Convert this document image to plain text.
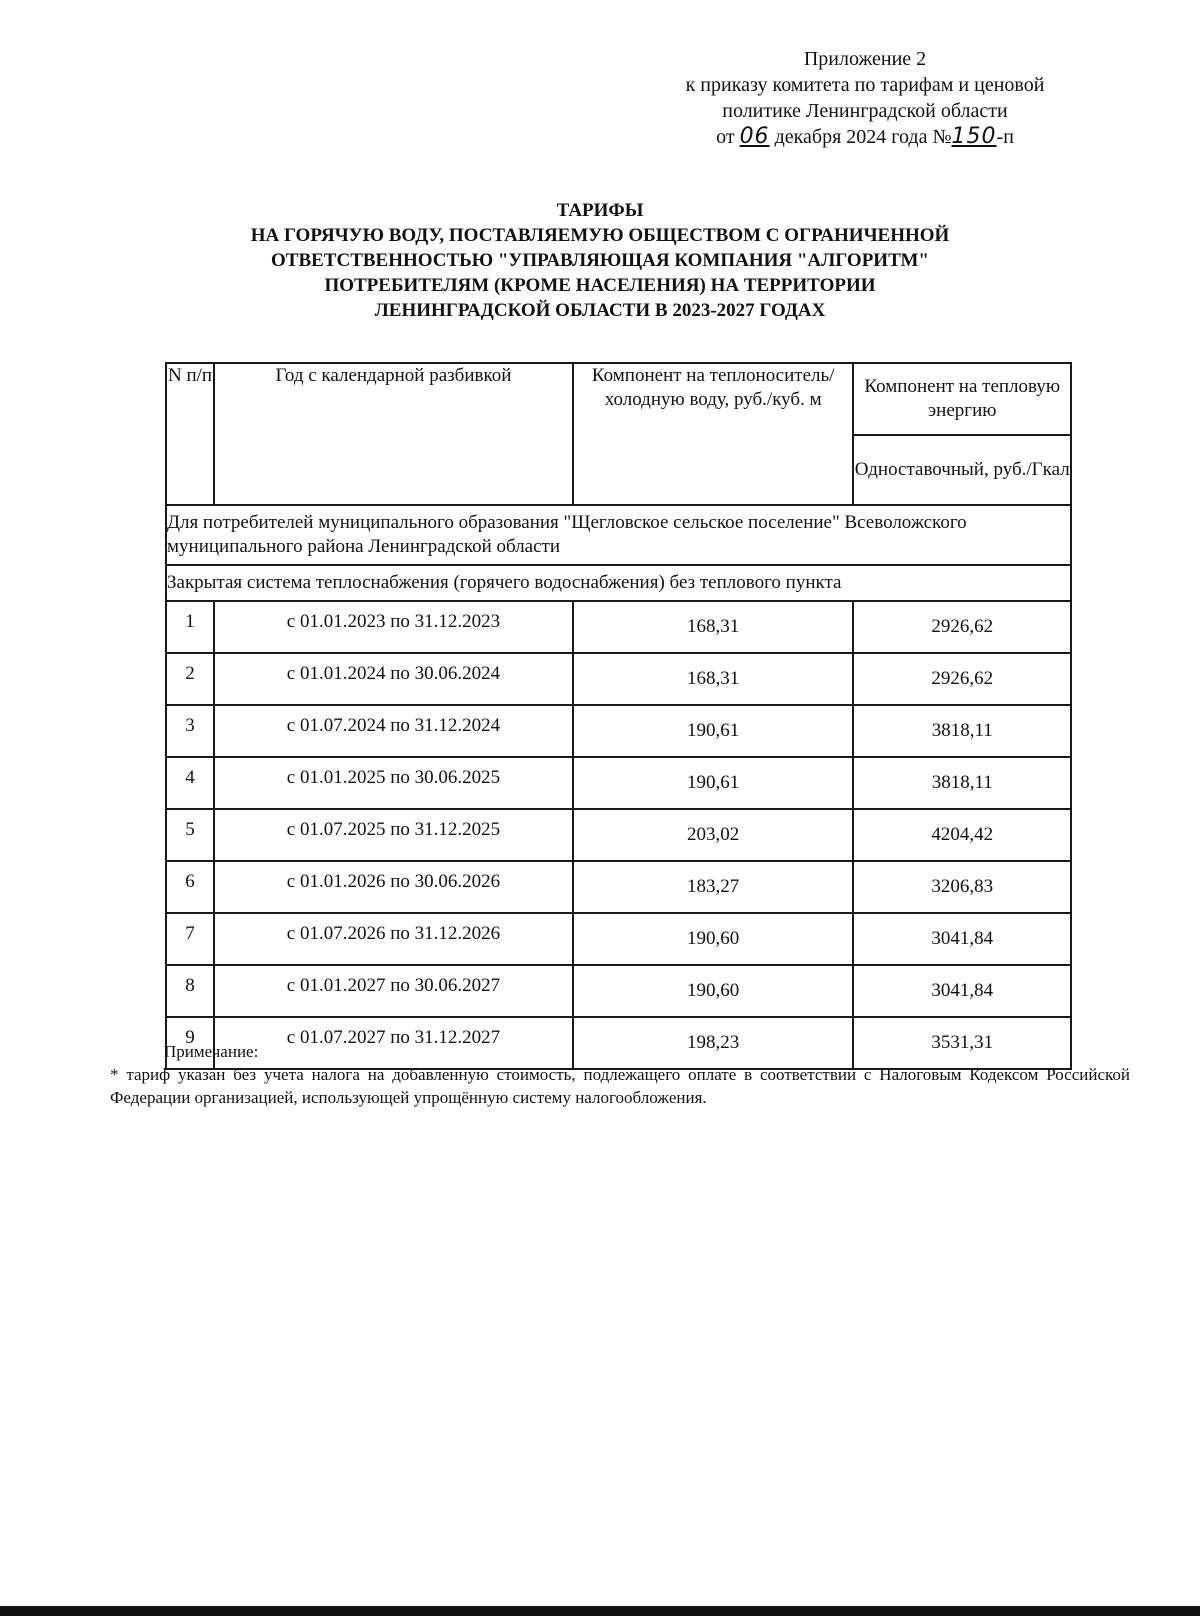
Приложение 2
к приказу комитета по тарифам и ценовой
политике Ленинградской области
от 06 декабря 2024 года №150-п
ТАРИФЫ
НА ГОРЯЧУЮ ВОДУ, ПОСТАВЛЯЕМУЮ ОБЩЕСТВОМ С ОГРАНИЧЕННОЙ
ОТВЕТСТВЕННОСТЬЮ "УПРАВЛЯЮЩАЯ КОМПАНИЯ "АЛГОРИТМ"
ПОТРЕБИТЕЛЯМ (КРОМЕ НАСЕЛЕНИЯ) НА ТЕРРИТОРИИ
ЛЕНИНГРАДСКОЙ ОБЛАСТИ В 2023-2027 ГОДАХ
N п/п	Год с календарной разбивкой	Компонент на теплоноситель/холодную воду, руб./куб. м	Компонент на тепловую энергию
			Одноставочный, руб./Гкал
Для потребителей муниципального образования "Щегловское сельское поселение" Всеволожского муниципального района Ленинградской области			
Закрытая система теплоснабжения (горячего водоснабжения) без теплового пункта			
1	с 01.01.2023 по 31.12.2023	168,31	2926,62
2	с 01.01.2024 по 30.06.2024	168,31	2926,62
3	с 01.07.2024 по 31.12.2024	190,61	3818,11
4	с 01.01.2025 по 30.06.2025	190,61	3818,11
5	с 01.07.2025 по 31.12.2025	203,02	4204,42
6	с 01.01.2026 по 30.06.2026	183,27	3206,83
7	с 01.07.2026 по 31.12.2026	190,60	3041,84
8	с 01.01.2027 по 30.06.2027	190,60	3041,84
9	с 01.07.2027 по 31.12.2027	198,23	3531,31
Примечание:
* тариф указан без учета налога на добавленную стоимость, подлежащего оплате в соответствии с Налоговым Кодексом Российской Федерации организацией, использующей упрощённую систему налогообложения.
